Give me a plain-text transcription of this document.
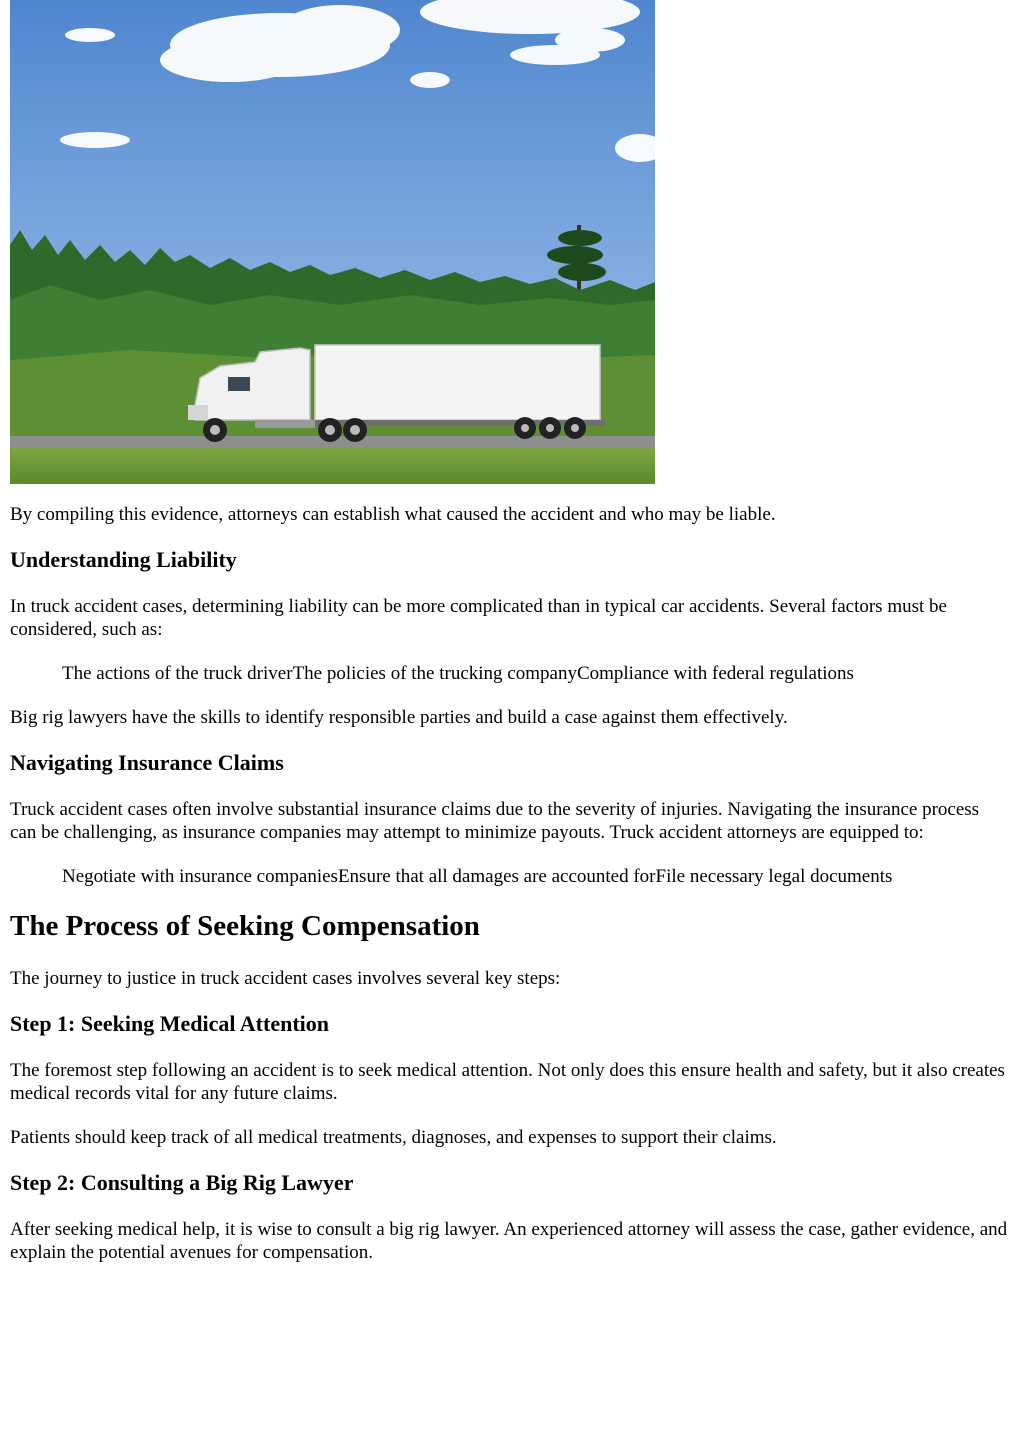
By compiling this evidence, attorneys can establish what caused the accident and who may be liable.

Understanding Liability

In truck accident cases, determining liability can be more complicated than in typical car accidents. Several factors must be considered, such as:

The actions of the truck driverThe policies of the trucking companyCompliance with federal regulations

Big rig lawyers have the skills to identify responsible parties and build a case against them effectively.

Navigating Insurance Claims

Truck accident cases often involve substantial insurance claims due to the severity of injuries. Navigating the insurance process can be challenging, as insurance companies may attempt to minimize payouts. Truck accident attorneys are equipped to:

Negotiate with insurance companiesEnsure that all damages are accounted forFile necessary legal documents
The Process of Seeking Compensation

The journey to justice in truck accident cases involves several key steps:

Step 1: Seeking Medical Attention

The foremost step following an accident is to seek medical attention. Not only does this ensure health and safety, but it also creates medical records vital for any future claims.

Patients should keep track of all medical treatments, diagnoses, and expenses to support their claims.

Step 2: Consulting a Big Rig Lawyer

After seeking medical help, it is wise to consult a big rig lawyer. An experienced attorney will assess the case, gather evidence, and explain the potential avenues for compensation.
